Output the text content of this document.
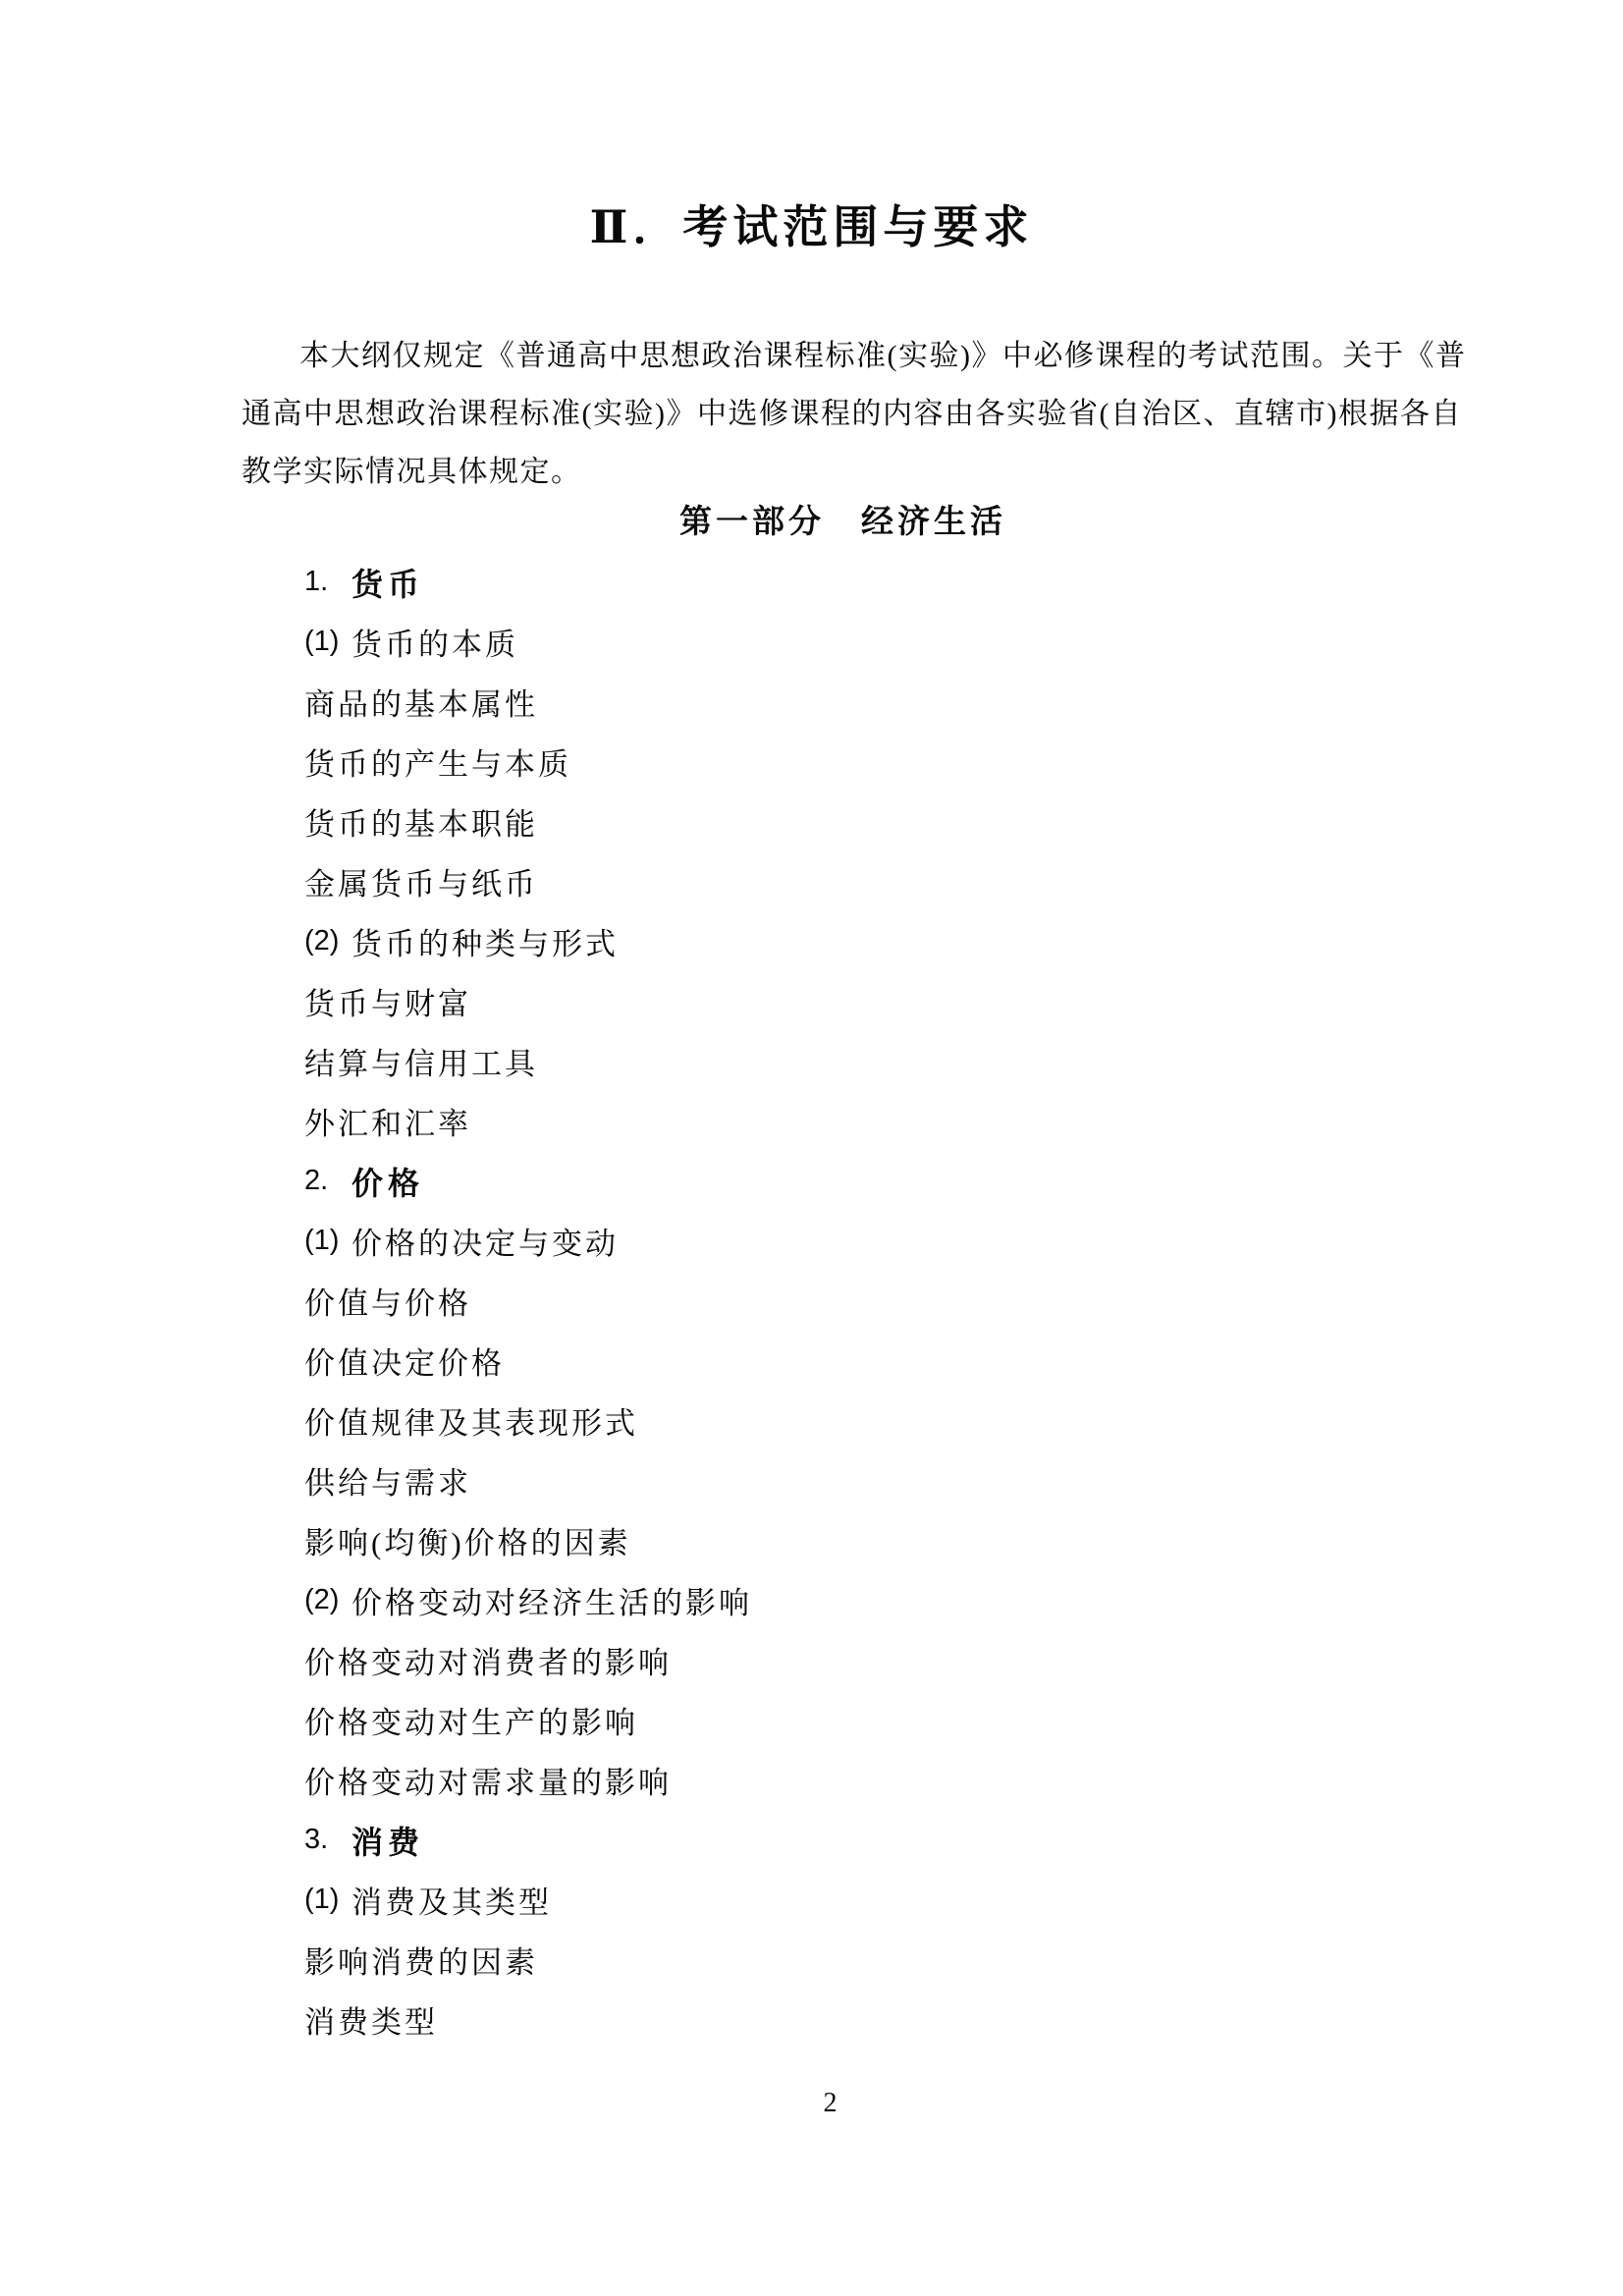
Ⅱ．考试范围与要求
本大纲仅规定《普通高中思想政治课程标准(实验)》中必修课程的考试范围。关于《普
通高中思想政治课程标准(实验)》中选修课程的内容由各实验省(自治区、直辖市)根据各自
教学实际情况具体规定。
第一部分　经济生活
1. 货币
(1) 货币的本质
商品的基本属性
货币的产生与本质
货币的基本职能
金属货币与纸币
(2) 货币的种类与形式
货币与财富
结算与信用工具
外汇和汇率
2. 价格
(1) 价格的决定与变动
价值与价格
价值决定价格
价值规律及其表现形式
供给与需求
影响(均衡)价格的因素
(2) 价格变动对经济生活的影响
价格变动对消费者的影响
价格变动对生产的影响
价格变动对需求量的影响
3. 消费
(1) 消费及其类型
影响消费的因素
消费类型
2
